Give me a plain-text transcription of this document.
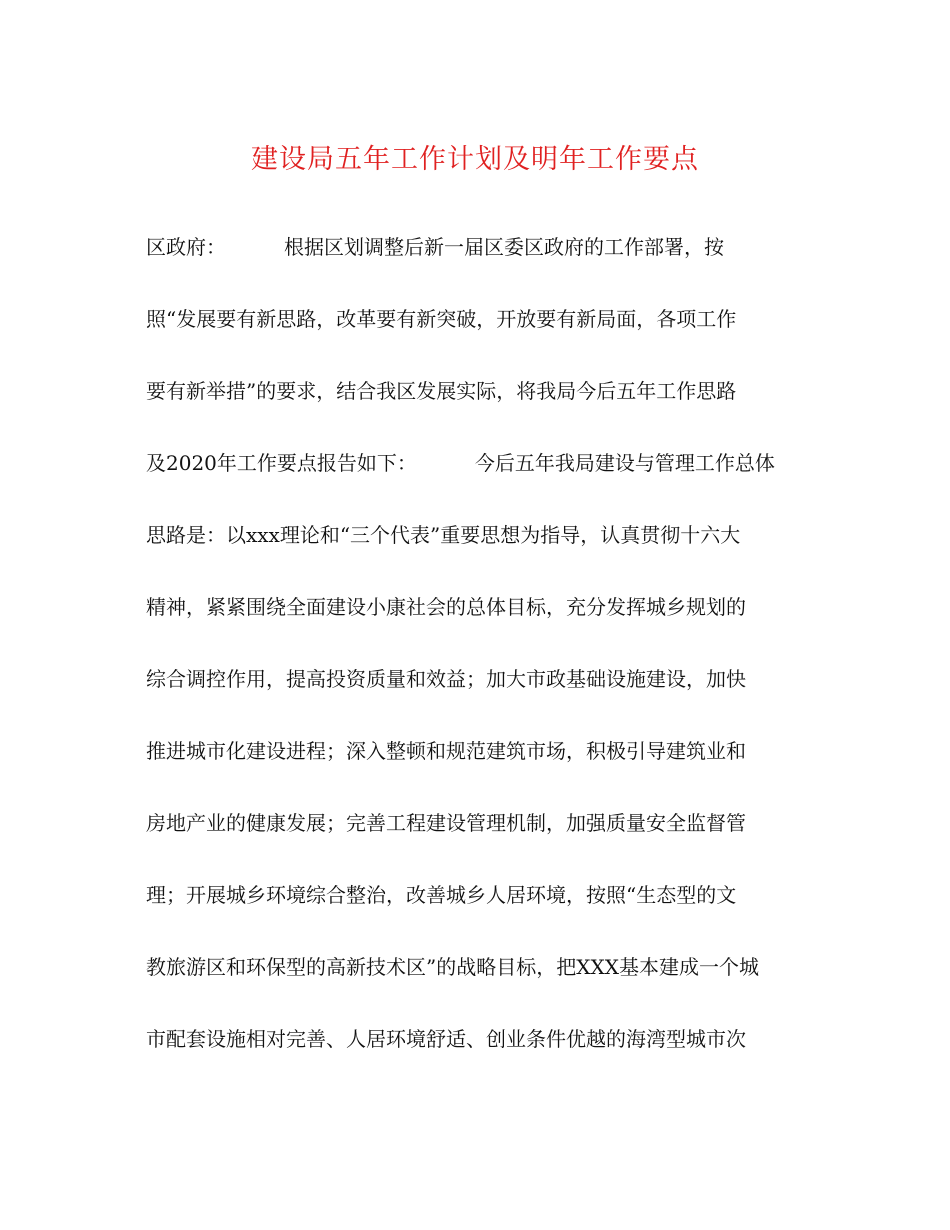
建设局五年工作计划及明年工作要点
区政府：	根据区划调整后新一届区委区政府的工作部署，按
照“发展要有新思路，改革要有新突破，开放要有新局面，各项工作
要有新举措”的要求，结合我区发展实际，将我局今后五年工作思路
及2020年工作要点报告如下：	今后五年我局建设与管理工作总体
思路是：以xxx理论和“三个代表”重要思想为指导，认真贯彻十六大
精神，紧紧围绕全面建设小康社会的总体目标，充分发挥城乡规划的
综合调控作用，提高投资质量和效益；加大市政基础设施建设，加快
推进城市化建设进程；深入整顿和规范建筑市场，积极引导建筑业和
房地产业的健康发展；完善工程建设管理机制，加强质量安全监督管
理；开展城乡环境综合整治，改善城乡人居环境，按照“生态型的文
教旅游区和环保型的高新技术区”的战略目标，把XXX基本建成一个城
市配套设施相对完善、人居环境舒适、创业条件优越的海湾型城市次
